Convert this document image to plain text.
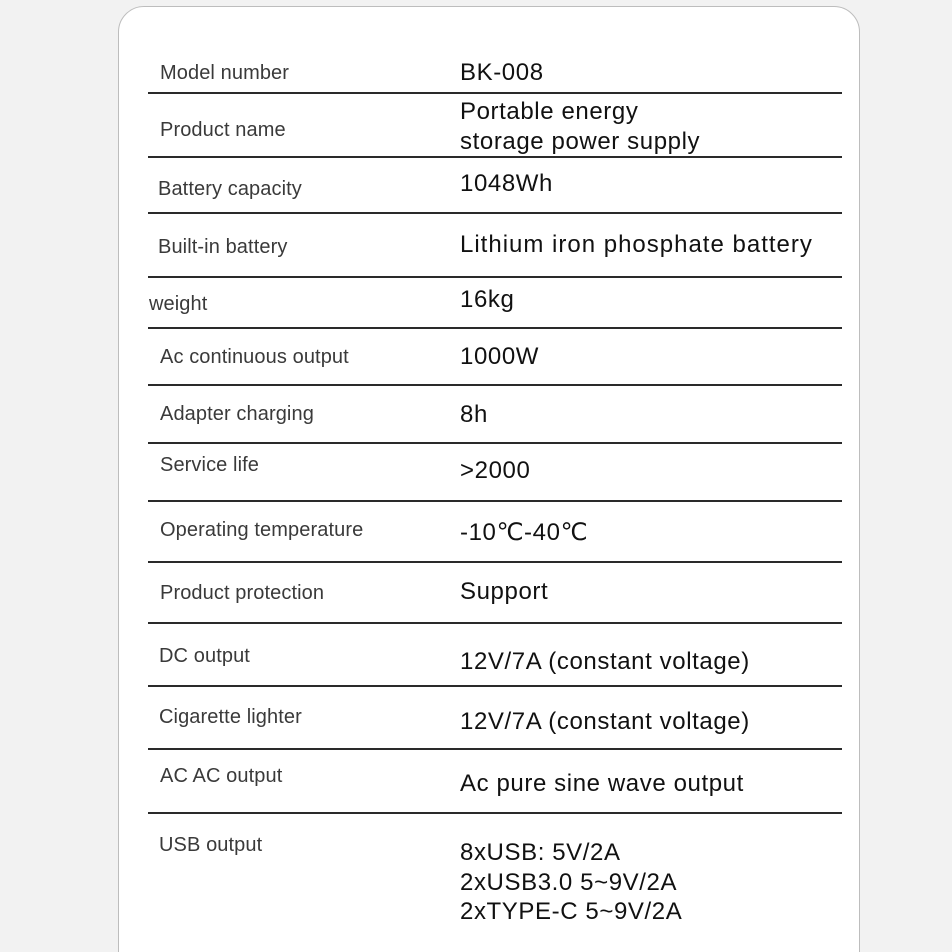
Model number	BK-008
Product name
Portable energy
storage power supply
Battery capacity	1048Wh
Built-in battery	Lithium iron phosphate battery
weight	16kg
Ac continuous output	1000W
Adapter charging	8h
Service life	>2000
Operating temperature	-10℃-40℃
Product protection	Support
DC output	12V/7A (constant voltage)
Cigarette lighter	12V/7A (constant voltage)
AC AC output	Ac pure sine wave output
USB output	8xUSB: 5V/2A
2xUSB3.0 5~9V/2A
2xTYPE-C 5~9V/2A
